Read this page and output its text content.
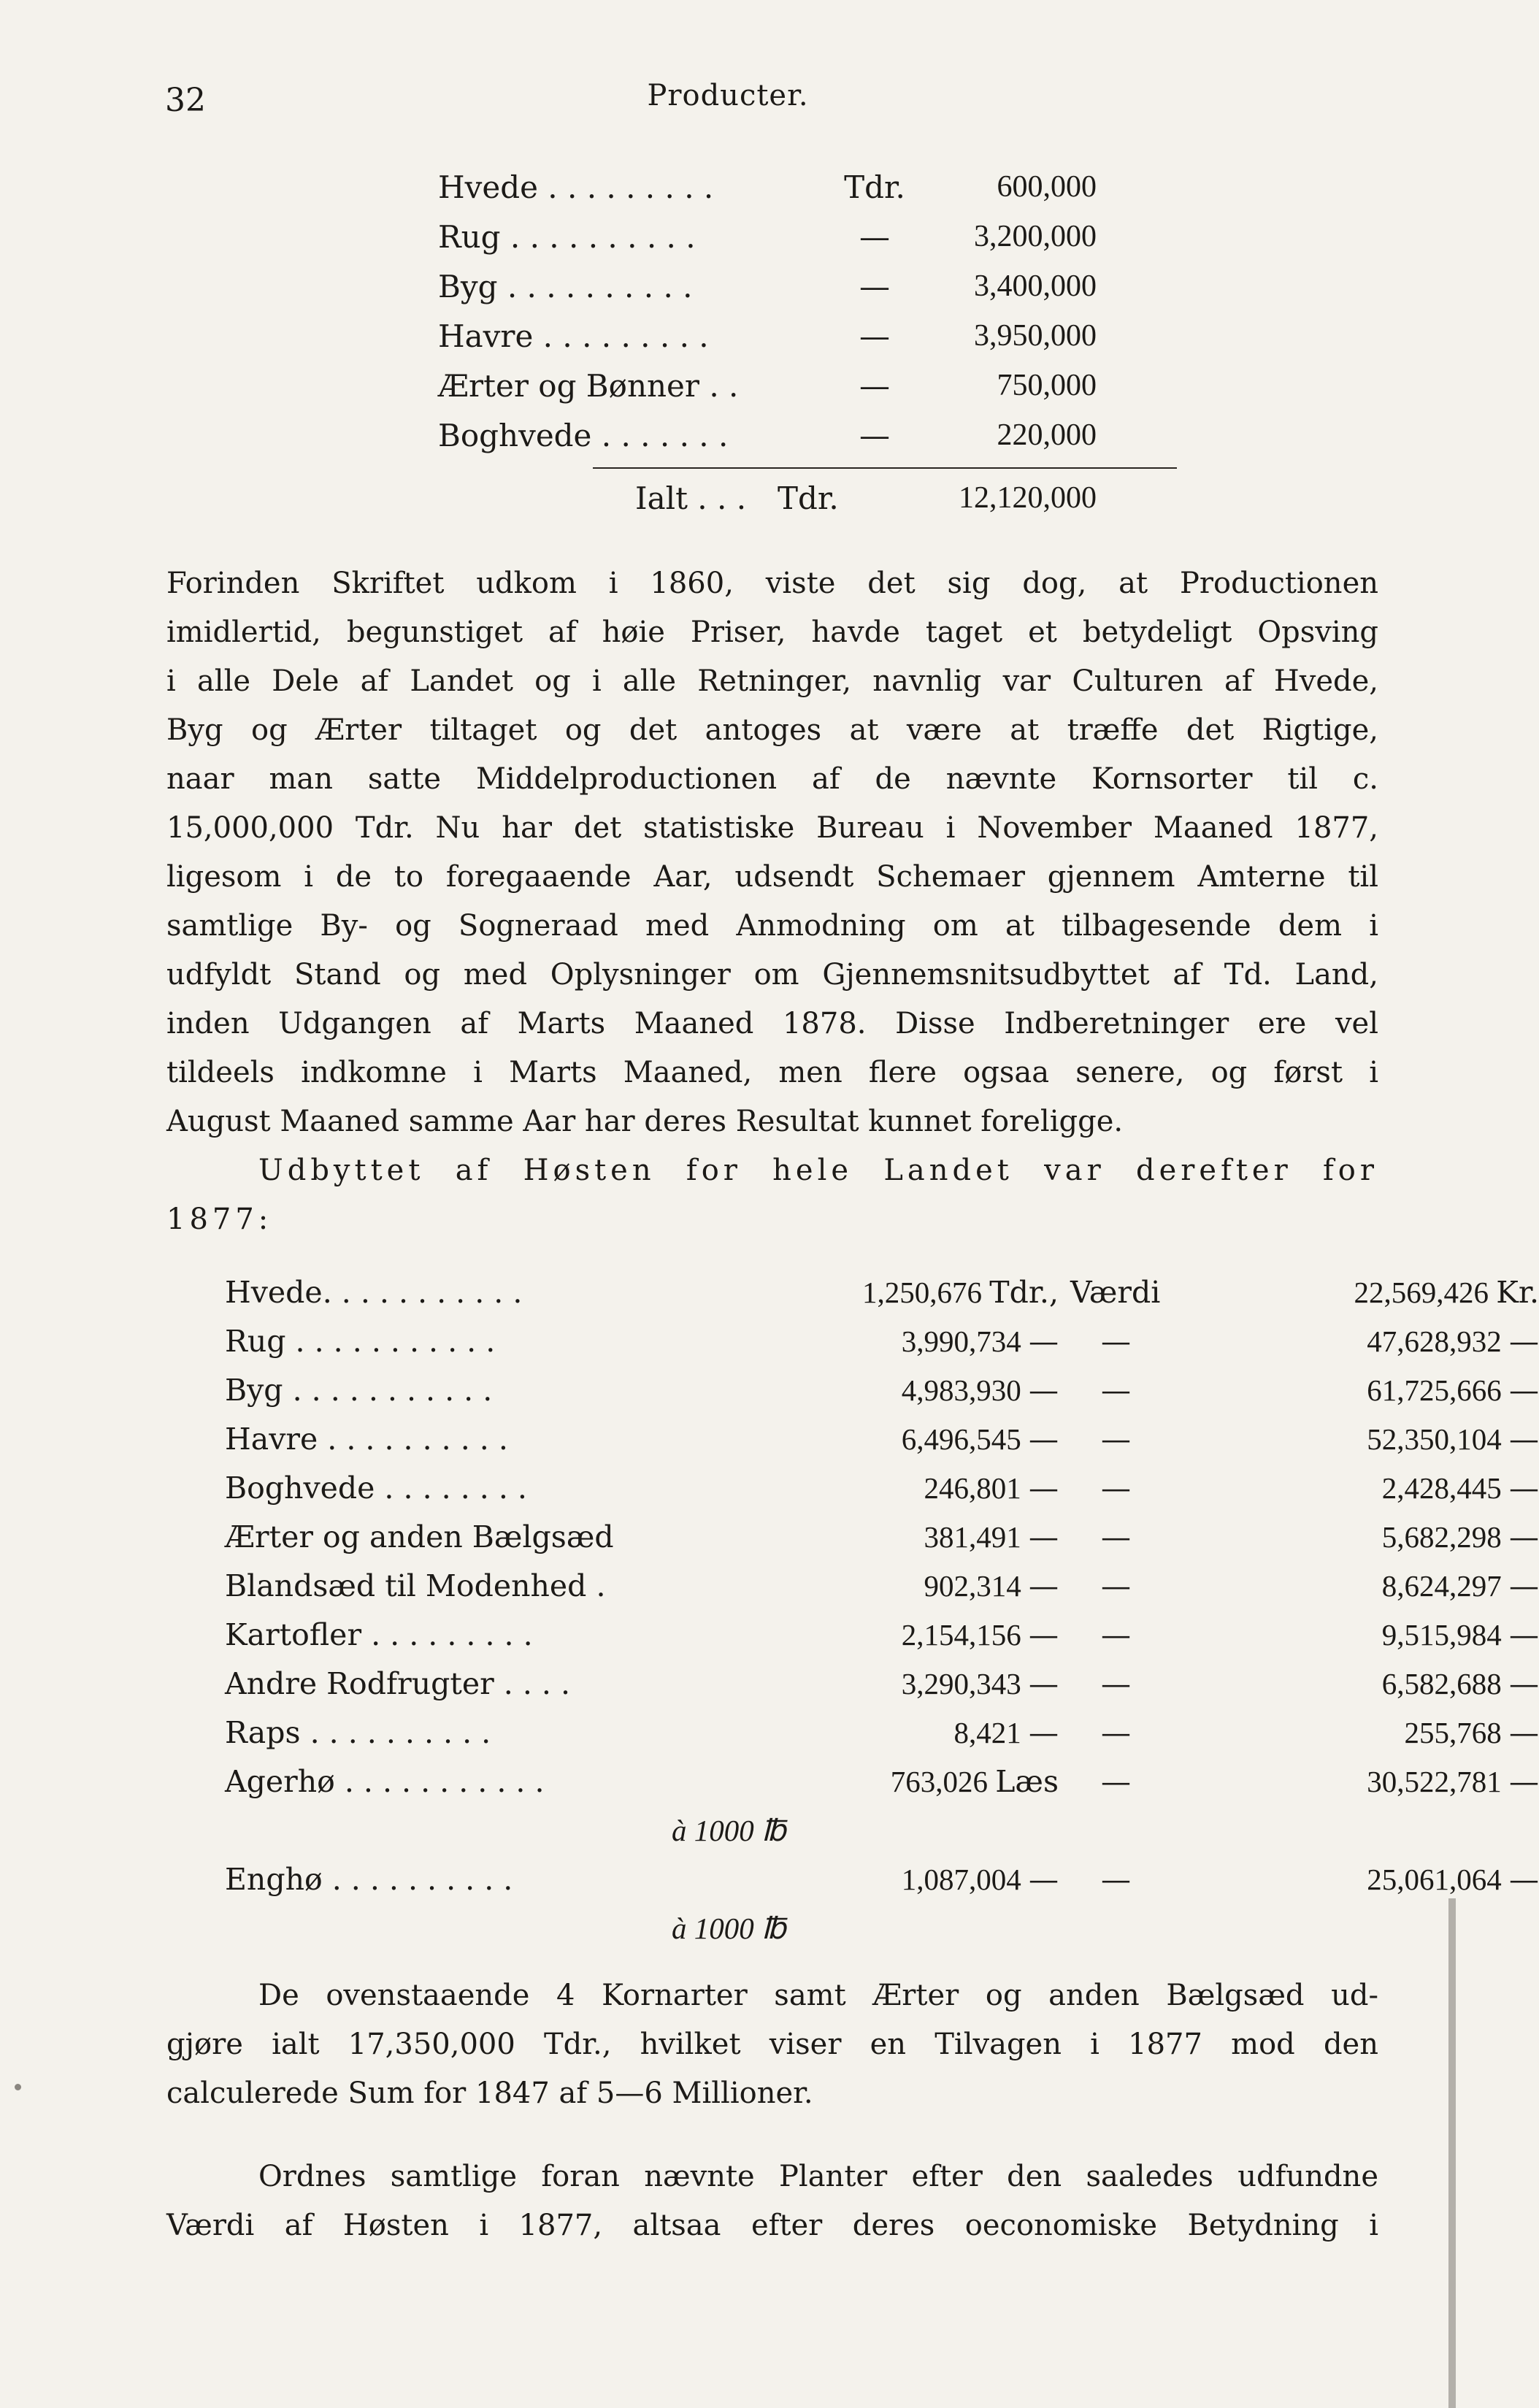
32	Producter.
Hvede . . . . . . . . .	Tdr.	600,000
Rug . . . . . . . . . .	—	3,200,000
Byg . . . . . . . . . .	—	3,400,000
Havre . . . . . . . . .	—	3,950,000
Ærter og Bønner . .	—	750,000
Boghvede . . . . . . .	—	220,000
Ialt . . . Tdr.	12,120,000
Forinden Skriftet udkom i 1860, viste det sig dog, at Productionen
imidlertid, begunstiget af høie Priser, havde taget et betydeligt Opsving
i alle Dele af Landet og i alle Retninger, navnlig var Culturen af Hvede,
Byg og Ærter tiltaget og det antoges at være at træffe det Rigtige,
naar man satte Middelproductionen af de nævnte Kornsorter til c.
15,000,000 Tdr. Nu har det statistiske Bureau i November Maaned 1877,
ligesom i de to foregaaende Aar, udsendt Schemaer gjennem Amterne til
samtlige By- og Sogneraad med Anmodning om at tilbagesende dem i
udfyldt Stand og med Oplysninger om Gjennemsnitsudbyttet af Td. Land,
inden Udgangen af Marts Maaned 1878. Disse Indberetninger ere vel
tildeels indkomne i Marts Maaned, men flere ogsaa senere, og først i
August Maaned samme Aar har deres Resultat kunnet foreligge.
Udbyttet af Høsten for hele Landet var derefter for
1877:
Hvede. . . . . . . . . . .	1,250,676 Tdr., Værdi	22,569,426 Kr.
Rug . . . . . . . . . . .	3,990,734 — —	47,628,932 —
Byg . . . . . . . . . . .	4,983,930 — —	61,725,666 —
Havre . . . . . . . . . .	6,496,545 — —	52,350,104 —
Boghvede . . . . . . . .	246,801 — —	2,428,445 —
Ærter og anden Bælgsæd	381,491 — —	5,682,298 —
Blandsæd til Modenhed .	902,314 — —	8,624,297 —
Kartofler . . . . . . . . .	2,154,156 — —	9,515,984 —
Andre Rodfrugter . . . .	3,290,343 — —	6,582,688 —
Raps . . . . . . . . . .	8,421 — —	255,768 —
Agerhø . . . . . . . . . . .	763,026 Læs —	30,522,781 —
à 1000 ℔
Enghø . . . . . . . . . .	1,087,004 — —	25,061,064 —
à 1000 ℔
De ovenstaaende 4 Kornarter samt Ærter og anden Bælgsæd ud-
gjøre ialt 17,350,000 Tdr., hvilket viser en Tilvagen i 1877 mod den
calculerede Sum for 1847 af 5—6 Millioner.
Ordnes samtlige foran nævnte Planter efter den saaledes udfundne
Værdi af Høsten i 1877, altsaa efter deres oeconomiske Betydning i
